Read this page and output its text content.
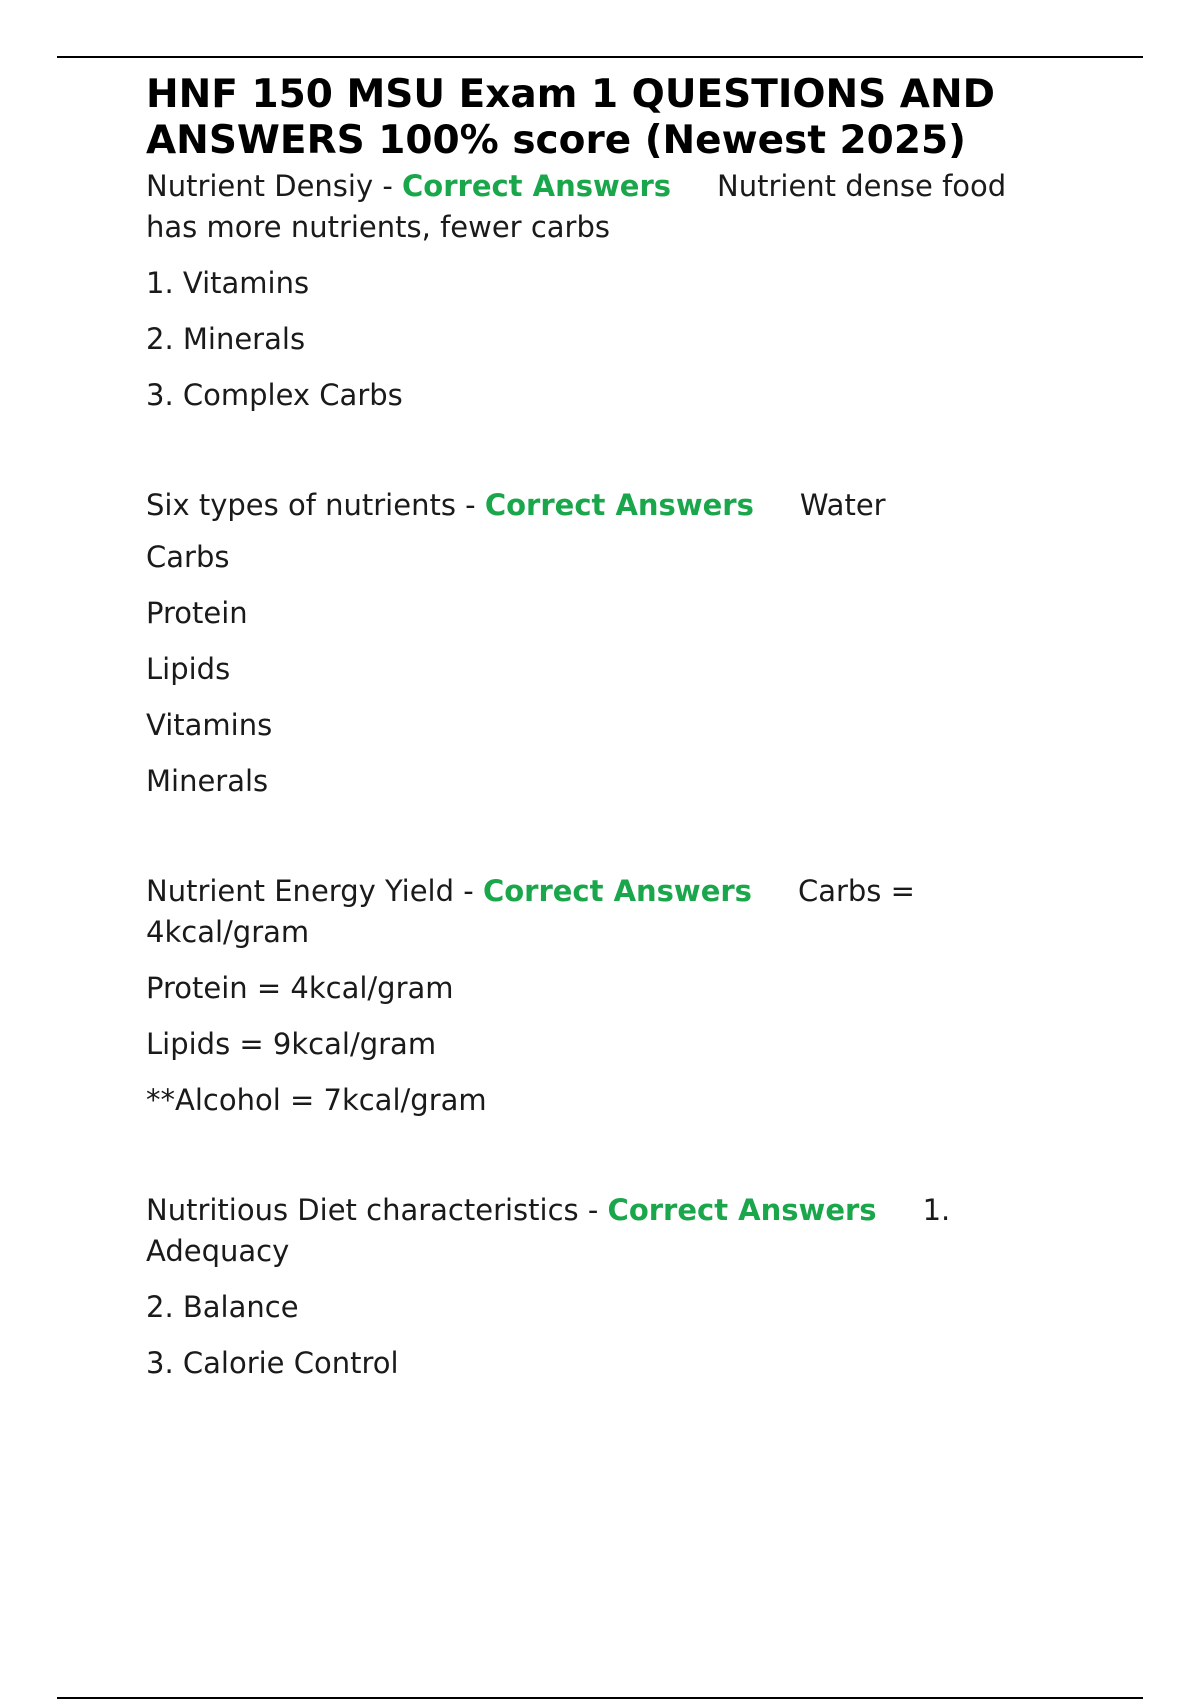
HNF 150 MSU Exam 1 QUESTIONS AND ANSWERS 100% score (Newest 2025)

Nutrient Densiy - Correct Answers Nutrient dense food has more nutrients, fewer carbs

1. Vitamins

2. Minerals

3. Complex Carbs

Six types of nutrients - Correct Answers Water

Carbs

Protein

Lipids

Vitamins

Minerals

Nutrient Energy Yield - Correct Answers Carbs = 4kcal/gram

Protein = 4kcal/gram

Lipids = 9kcal/gram

**Alcohol = 7kcal/gram

Nutritious Diet characteristics - Correct Answers 1. Adequacy

2. Balance

3. Calorie Control
